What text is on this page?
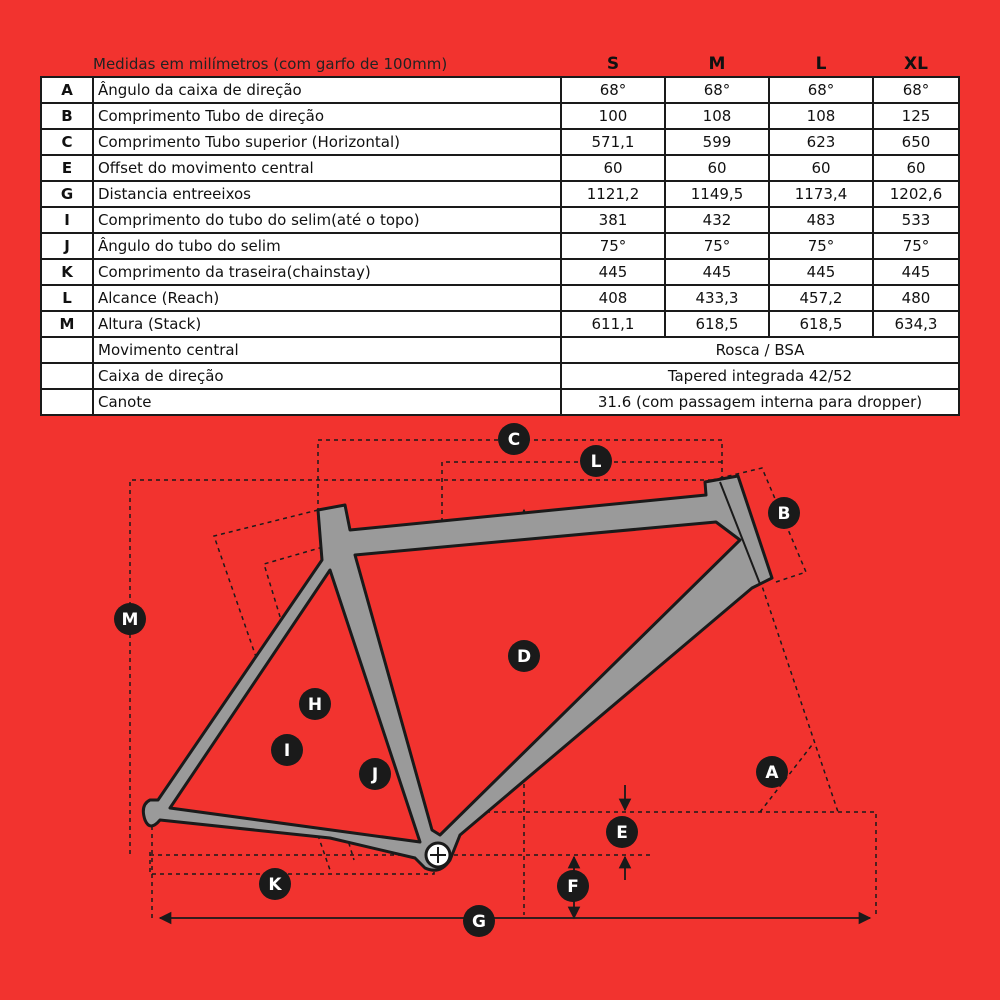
Medidas em milímetros (com garfo de 100mm)		S	M	L	XL
A	Ângulo da caixa de direção	68°	68°	68°	68°
B	Comprimento Tubo de direção	100	108	108	125
C	Comprimento Tubo superior (Horizontal)	571,1	599	623	650
E	Offset do movimento central	60	60	60	60
G	Distancia entreeixos	1121,2	1149,5	1173,4	1202,6
I	Comprimento do tubo do selim(até o topo)	381	432	483	533
J	Ângulo do tubo do selim	75°	75°	75°	75°
K	Comprimento da traseira(chainstay)	445	445	445	445
L	Alcance (Reach)	408	433,3	457,2	480
M	Altura (Stack)	611,1	618,5	618,5	634,3
	Movimento central	Rosca / BSA			
	Caixa de direção	Tapered integrada 42/52			
	Canote	31.6 (com passagem interna para dropper)			
A
B
C
D
E
F
G
H
I
J
K
L
M
